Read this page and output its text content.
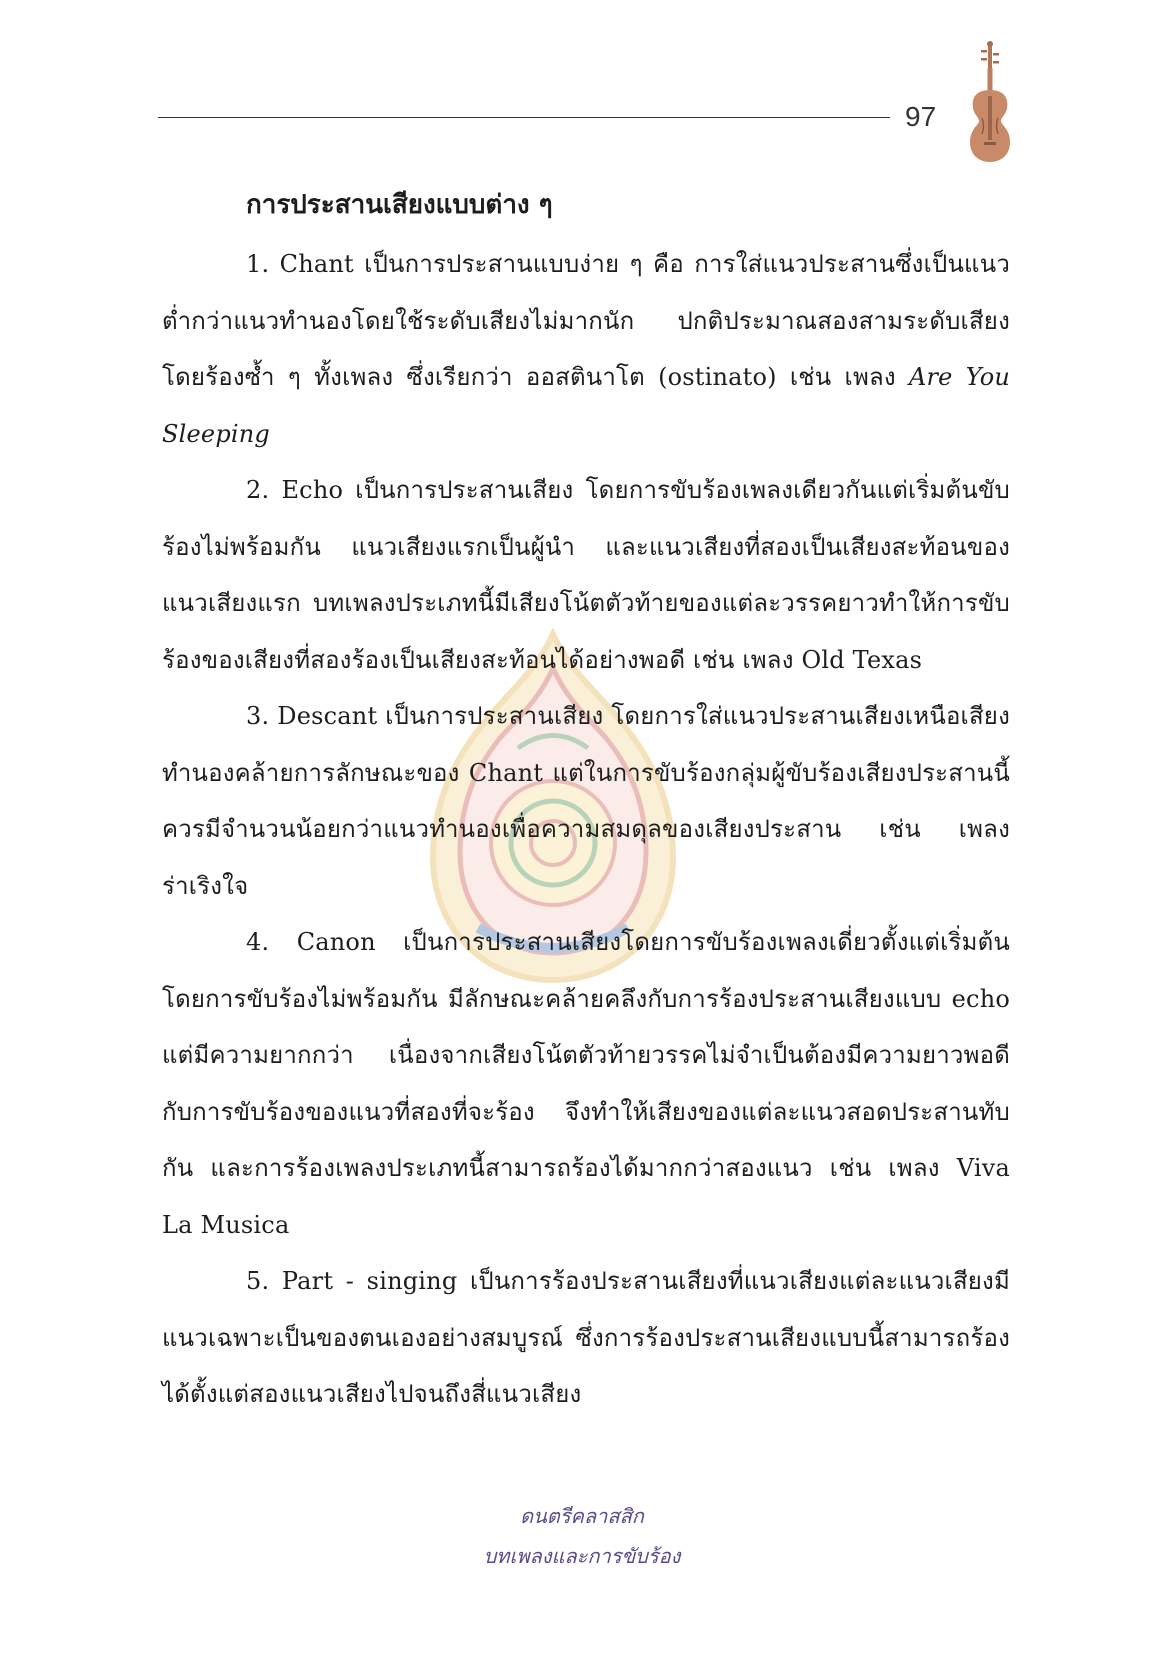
97
การประสานเสียงแบบต่าง ๆ

1. Chant เป็นการประสานแบบง่าย ๆ คือ การใส่แนวประสานซึ่งเป็นแนวต่ำกว่าแนวทำนองโดยใช้ระดับเสียงไม่มากนัก ปกติประมาณสองสามระดับเสียง โดยร้องซ้ำ ๆ ทั้งเพลง ซึ่งเรียกว่า ออสตินาโต (ostinato) เช่น เพลง Are You Sleeping

2. Echo เป็นการประสานเสียง โดยการขับร้องเพลงเดียวกันแต่เริ่มต้นขับร้องไม่พร้อมกัน แนวเสียงแรกเป็นผู้นำ และแนวเสียงที่สองเป็นเสียงสะท้อนของแนวเสียงแรก บทเพลงประเภทนี้มีเสียงโน้ตตัวท้ายของแต่ละวรรคยาวทำให้การขับร้องของเสียงที่สองร้องเป็นเสียงสะท้อนได้อย่างพอดี เช่น เพลง Old Texas

3. Descant เป็นการประสานเสียง โดยการใส่แนวประสานเสียงเหนือเสียงทำนองคล้ายการลักษณะของ Chant แต่ในการขับร้องกลุ่มผู้ขับร้องเสียงประสานนี้ควรมีจำนวนน้อยกว่าแนวทำนองเพื่อความสมดุลของเสียงประสาน เช่น เพลง ร่าเริงใจ

4. Canon เป็นการประสานเสียงโดยการขับร้องเพลงเดี่ยวตั้งแต่เริ่มต้นโดยการขับร้องไม่พร้อมกัน มีลักษณะคล้ายคลึงกับการร้องประสานเสียงแบบ echo แต่มีความยากกว่า เนื่องจากเสียงโน้ตตัวท้ายวรรคไม่จำเป็นต้องมีความยาวพอดีกับการขับร้องของแนวที่สองที่จะร้อง จึงทำให้เสียงของแต่ละแนวสอดประสานทับกัน และการร้องเพลงประเภทนี้สามารถร้องได้มากกว่าสองแนว เช่น เพลง Viva La Musica

5. Part - singing เป็นการร้องประสานเสียงที่แนวเสียงแต่ละแนวเสียงมีแนวเฉพาะเป็นของตนเองอย่างสมบูรณ์ ซึ่งการร้องประสานเสียงแบบนี้สามารถร้องได้ตั้งแต่สองแนวเสียงไปจนถึงสี่แนวเสียง

ดนตรีคลาสสิก
บทเพลงและการขับร้อง
